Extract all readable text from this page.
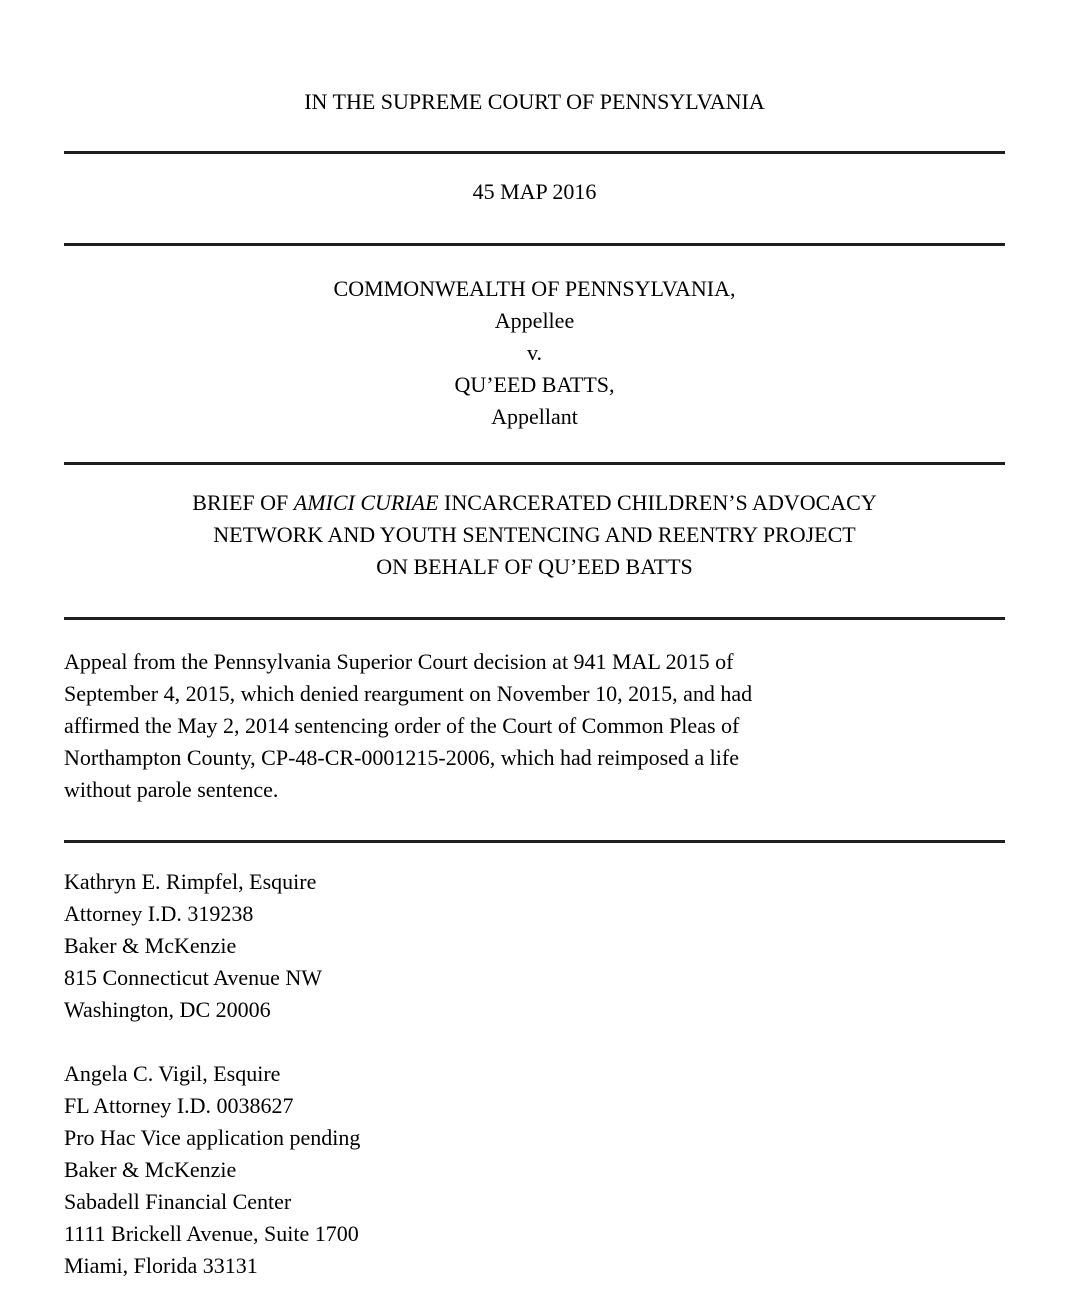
IN THE SUPREME COURT OF PENNSYLVANIA
45 MAP 2016
COMMONWEALTH OF PENNSYLVANIA,
Appellee
v.
QU’EED BATTS,
Appellant
BRIEF OF AMICI CURIAE INCARCERATED CHILDREN’S ADVOCACY
NETWORK AND YOUTH SENTENCING AND REENTRY PROJECT
ON BEHALF OF QU’EED BATTS
Appeal from the Pennsylvania Superior Court decision at 941 MAL 2015 of
September 4, 2015, which denied reargument on November 10, 2015, and had
affirmed the May 2, 2014 sentencing order of the Court of Common Pleas of
Northampton County, CP-48-CR-0001215-2006, which had reimposed a life
without parole sentence.
Kathryn E. Rimpfel, Esquire
Attorney I.D. 319238
Baker & McKenzie
815 Connecticut Avenue NW
Washington, DC 20006
Angela C. Vigil, Esquire
FL Attorney I.D. 0038627
Pro Hac Vice application pending
Baker & McKenzie
Sabadell Financial Center
1111 Brickell Avenue, Suite 1700
Miami, Florida 33131
